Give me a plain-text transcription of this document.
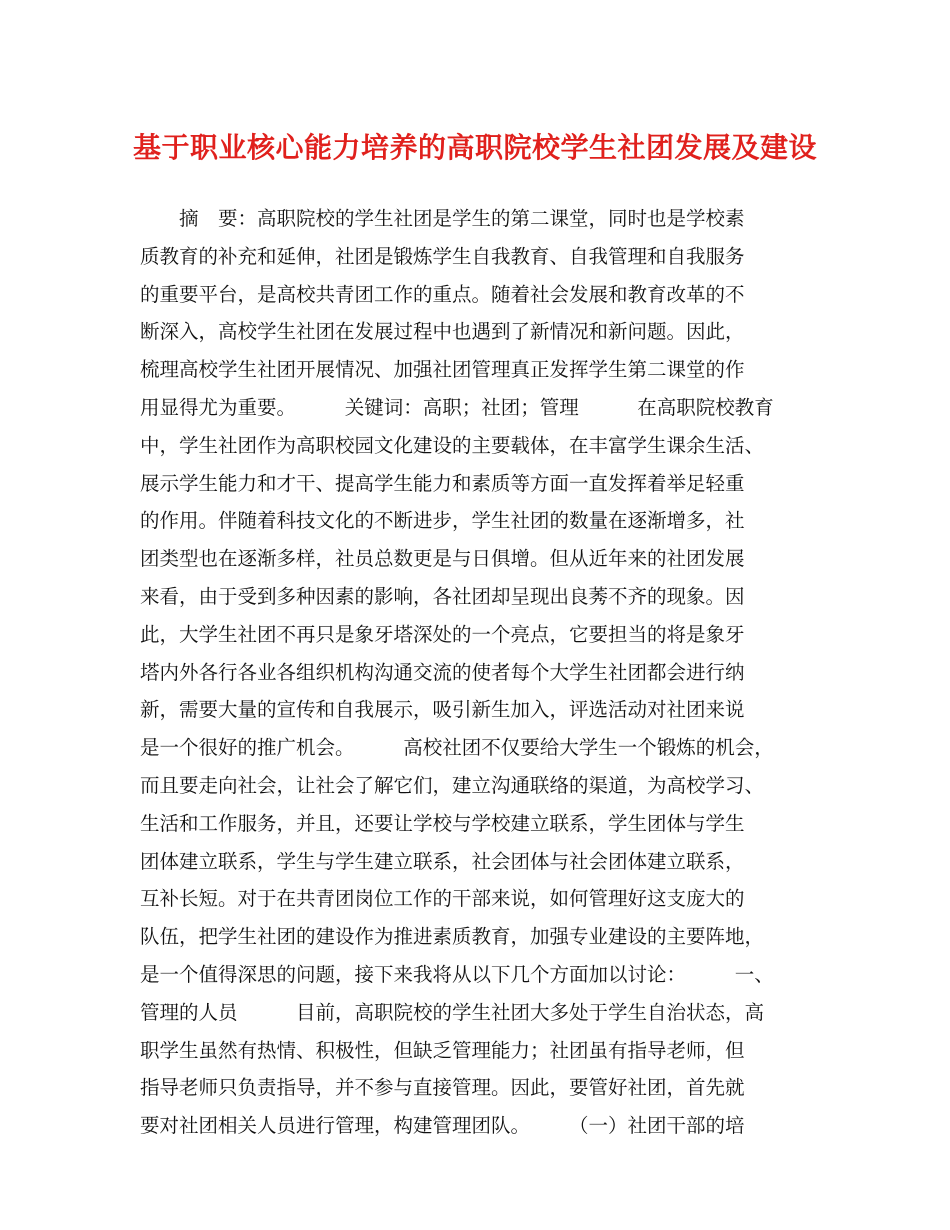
基于职业核心能力培养的高职院校学生社团发展及建设
　　摘　要：高职院校的学生社团是学生的第二课堂，同时也是学校素
质教育的补充和延伸，社团是锻炼学生自我教育、自我管理和自我服务
的重要平台，是高校共青团工作的重点。随着社会发展和教育改革的不
断深入，高校学生社团在发展过程中也遇到了新情况和新问题。因此，
梳理高校学生社团开展情况、加强社团管理真正发挥学生第二课堂的作
用显得尤为重要。　　　关键词：高职；社团；管理　　　在高职院校教育
中，学生社团作为高职校园文化建设的主要载体，在丰富学生课余生活、
展示学生能力和才干、提高学生能力和素质等方面一直发挥着举足轻重
的作用。伴随着科技文化的不断进步，学生社团的数量在逐渐增多，社
团类型也在逐渐多样，社员总数更是与日俱增。但从近年来的社团发展
来看，由于受到多种因素的影响，各社团却呈现出良莠不齐的现象。因
此，大学生社团不再只是象牙塔深处的一个亮点，它要担当的将是象牙
塔内外各行各业各组织机构沟通交流的使者每个大学生社团都会进行纳
新，需要大量的宣传和自我展示，吸引新生加入，评选活动对社团来说
是一个很好的推广机会。　　　高校社团不仅要给大学生一个锻炼的机会，
而且要走向社会，让社会了解它们，建立沟通联络的渠道，为高校学习、
生活和工作服务，并且，还要让学校与学校建立联系，学生团体与学生
团体建立联系，学生与学生建立联系，社会团体与社会团体建立联系，
互补长短。对于在共青团岗位工作的干部来说，如何管理好这支庞大的
队伍，把学生社团的建设作为推进素质教育，加强专业建设的主要阵地，
是一个值得深思的问题，接下来我将从以下几个方面加以讨论：　　　一、
管理的人员　　　目前，高职院校的学生社团大多处于学生自治状态，高
职学生虽然有热情、积极性，但缺乏管理能力；社团虽有指导老师，但
指导老师只负责指导，并不参与直接管理。因此，要管好社团，首先就
要对社团相关人员进行管理，构建管理团队。　　　（一）社团干部的培
